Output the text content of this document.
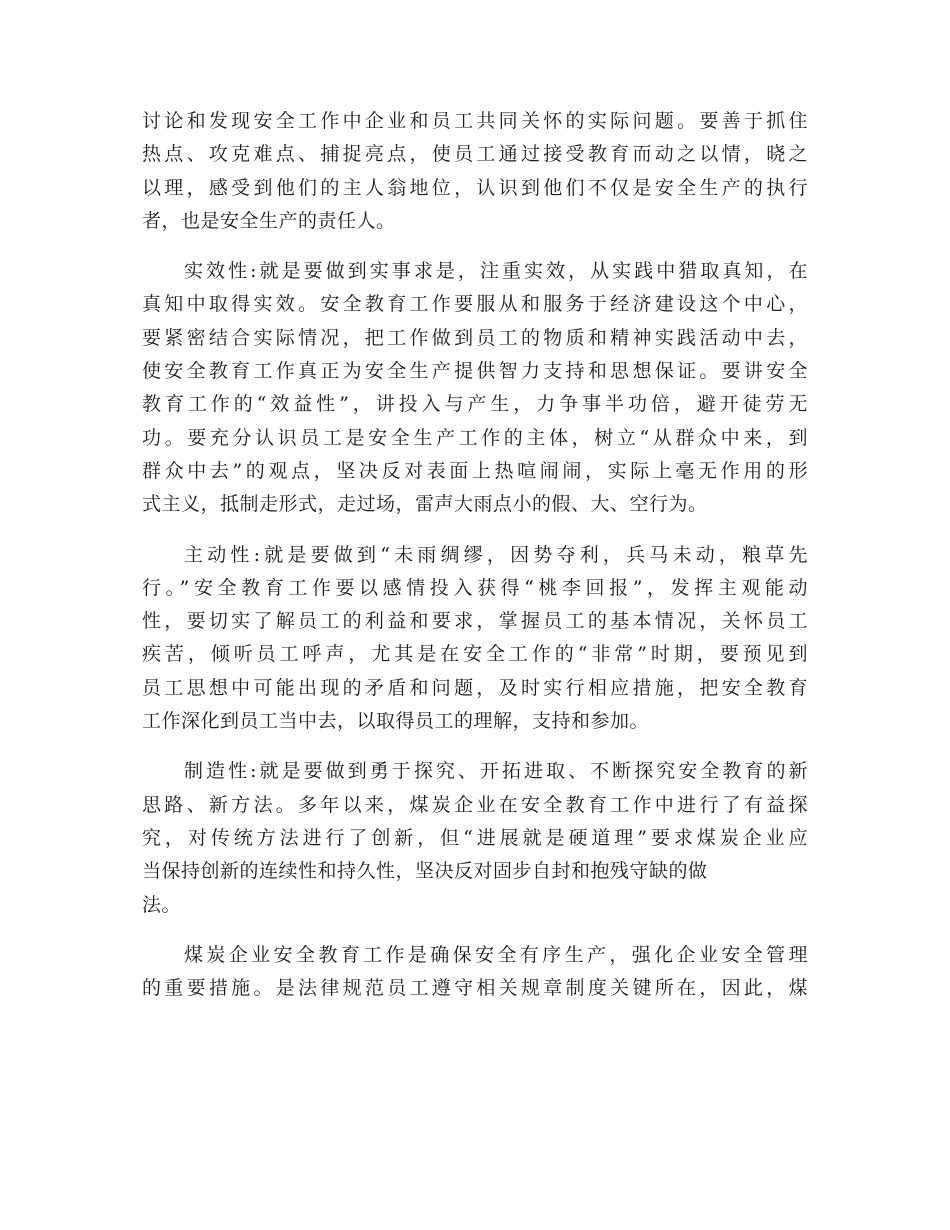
讨论和发现安全工作中企业和员工共同关怀的实际问题。要善于抓住
热点、攻克难点、捕捉亮点，使员工通过接受教育而动之以情，晓之
以理，感受到他们的主人翁地位，认识到他们不仅是安全生产的执行
者，也是安全生产的责任人。
实效性:就是要做到实事求是，注重实效，从实践中猎取真知，在
真知中取得实效。安全教育工作要服从和服务于经济建设这个中心，
要紧密结合实际情况，把工作做到员工的物质和精神实践活动中去，
使安全教育工作真正为安全生产提供智力支持和思想保证。要讲安全
教育工作的“效益性”，讲投入与产生，力争事半功倍，避开徒劳无
功。要充分认识员工是安全生产工作的主体，树立“从群众中来，到
群众中去”的观点，坚决反对表面上热喧闹闹，实际上毫无作用的形
式主义，抵制走形式，走过场，雷声大雨点小的假、大、空行为。
主动性:就是要做到“未雨绸缪，因势夺利，兵马未动，粮草先
行。”安全教育工作要以感情投入获得“桃李回报”，发挥主观能动
性，要切实了解员工的利益和要求，掌握员工的基本情况，关怀员工
疾苦，倾听员工呼声，尤其是在安全工作的“非常”时期，要预见到
员工思想中可能出现的矛盾和问题，及时实行相应措施，把安全教育
工作深化到员工当中去，以取得员工的理解，支持和参加。
制造性:就是要做到勇于探究、开拓进取、不断探究安全教育的新
思路、新方法。多年以来，煤炭企业在安全教育工作中进行了有益探
究，对传统方法进行了创新，但“进展就是硬道理”要求煤炭企业应
当保持创新的连续性和持久性，坚决反对固步自封和抱残守缺的做
法。
煤炭企业安全教育工作是确保安全有序生产，强化企业安全管理
的重要措施。是法律规范员工遵守相关规章制度关键所在，因此，煤
